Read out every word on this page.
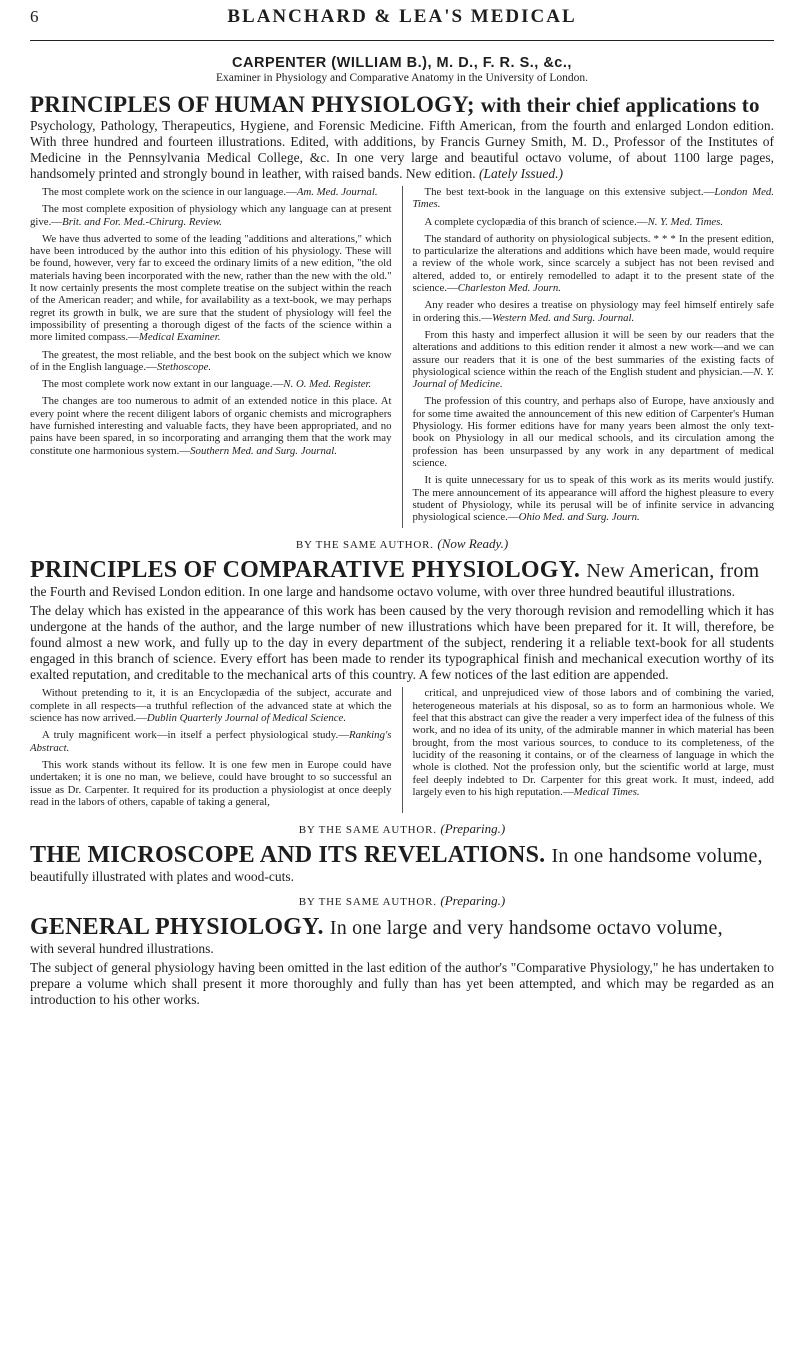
6	BLANCHARD & LEA'S MEDICAL
CARPENTER (WILLIAM B.), M. D., F. R. S., &c.,
Examiner in Physiology and Comparative Anatomy in the University of London.
PRINCIPLES OF HUMAN PHYSIOLOGY; with their chief applications to

Psychology, Pathology, Therapeutics, Hygiene, and Forensic Medicine. Fifth American, from the fourth and enlarged London edition. With three hundred and fourteen illustrations. Edited, with additions, by Francis Gurney Smith, M. D., Professor of the Institutes of Medicine in the Pennsylvania Medical College, &c. In one very large and beautiful octavo volume, of about 1100 large pages, handsomely printed and strongly bound in leather, with raised bands. New edition. (Lately Issued.)

The most complete work on the science in our language.—Am. Med. Journal.

The most complete exposition of physiology which any language can at present give.—Brit. and For. Med.-Chirurg. Review.

We have thus adverted to some of the leading "additions and alterations," which have been introduced by the author into this edition of his physiology. These will be found, however, very far to exceed the ordinary limits of a new edition, "the old materials having been incorporated with the new, rather than the new with the old." It now certainly presents the most complete treatise on the subject within the reach of the American reader; and while, for availability as a text-book, we may perhaps regret its growth in bulk, we are sure that the student of physiology will feel the impossibility of presenting a thorough digest of the facts of the science within a more limited compass.—Medical Examiner.

The greatest, the most reliable, and the best book on the subject which we know of in the English language.—Stethoscope.

The most complete work now extant in our language.—N. O. Med. Register.

The changes are too numerous to admit of an extended notice in this place. At every point where the recent diligent labors of organic chemists and micrographers have furnished interesting and valuable facts, they have been appropriated, and no pains have been spared, in so incorporating and arranging them that the work may constitute one harmonious system.—Southern Med. and Surg. Journal.

The best text-book in the language on this extensive subject.—London Med. Times.

A complete cyclopædia of this branch of science.—N. Y. Med. Times.

The standard of authority on physiological subjects. * * * In the present edition, to particularize the alterations and additions which have been made, would require a review of the whole work, since scarcely a subject has not been revised and altered, added to, or entirely remodelled to adapt it to the present state of the science.—Charleston Med. Journ.

Any reader who desires a treatise on physiology may feel himself entirely safe in ordering this.—Western Med. and Surg. Journal.

From this hasty and imperfect allusion it will be seen by our readers that the alterations and additions to this edition render it almost a new work—and we can assure our readers that it is one of the best summaries of the existing facts of physiological science within the reach of the English student and physician.—N. Y. Journal of Medicine.

The profession of this country, and perhaps also of Europe, have anxiously and for some time awaited the announcement of this new edition of Carpenter's Human Physiology. His former editions have for many years been almost the only text-book on Physiology in all our medical schools, and its circulation among the profession has been unsurpassed by any work in any department of medical science.

It is quite unnecessary for us to speak of this work as its merits would justify. The mere announcement of its appearance will afford the highest pleasure to every student of Physiology, while its perusal will be of infinite service in advancing physiological science.—Ohio Med. and Surg. Journ.

BY THE SAME AUTHOR. (Now Ready.)
PRINCIPLES OF COMPARATIVE PHYSIOLOGY. New American, from

the Fourth and Revised London edition. In one large and handsome octavo volume, with over three hundred beautiful illustrations.

The delay which has existed in the appearance of this work has been caused by the very thorough revision and remodelling which it has undergone at the hands of the author, and the large number of new illustrations which have been prepared for it. It will, therefore, be found almost a new work, and fully up to the day in every department of the subject, rendering it a reliable text-book for all students engaged in this branch of science. Every effort has been made to render its typographical finish and mechanical execution worthy of its exalted reputation, and creditable to the mechanical arts of this country. A few notices of the last edition are appended.

Without pretending to it, it is an Encyclopædia of the subject, accurate and complete in all respects—a truthful reflection of the advanced state at which the science has now arrived.—Dublin Quarterly Journal of Medical Science.

A truly magnificent work—in itself a perfect physiological study.—Ranking's Abstract.

This work stands without its fellow. It is one few men in Europe could have undertaken; it is one no man, we believe, could have brought to so successful an issue as Dr. Carpenter. It required for its production a physiologist at once deeply read in the labors of others, capable of taking a general,

critical, and unprejudiced view of those labors and of combining the varied, heterogeneous materials at his disposal, so as to form an harmonious whole. We feel that this abstract can give the reader a very imperfect idea of the fulness of this work, and no idea of its unity, of the admirable manner in which material has been brought, from the most various sources, to conduce to its completeness, of the lucidity of the reasoning it contains, or of the clearness of language in which the whole is clothed. Not the profession only, but the scientific world at large, must feel deeply indebted to Dr. Carpenter for this great work. It must, indeed, add largely even to his high reputation.—Medical Times.

BY THE SAME AUTHOR. (Preparing.)
THE MICROSCOPE AND ITS REVELATIONS. In one handsome volume,

beautifully illustrated with plates and wood-cuts.

BY THE SAME AUTHOR. (Preparing.)
GENERAL PHYSIOLOGY. In one large and very handsome octavo volume,

with several hundred illustrations.

The subject of general physiology having been omitted in the last edition of the author's "Comparative Physiology," he has undertaken to prepare a volume which shall present it more thoroughly and fully than has yet been attempted, and which may be regarded as an introduction to his other works.
